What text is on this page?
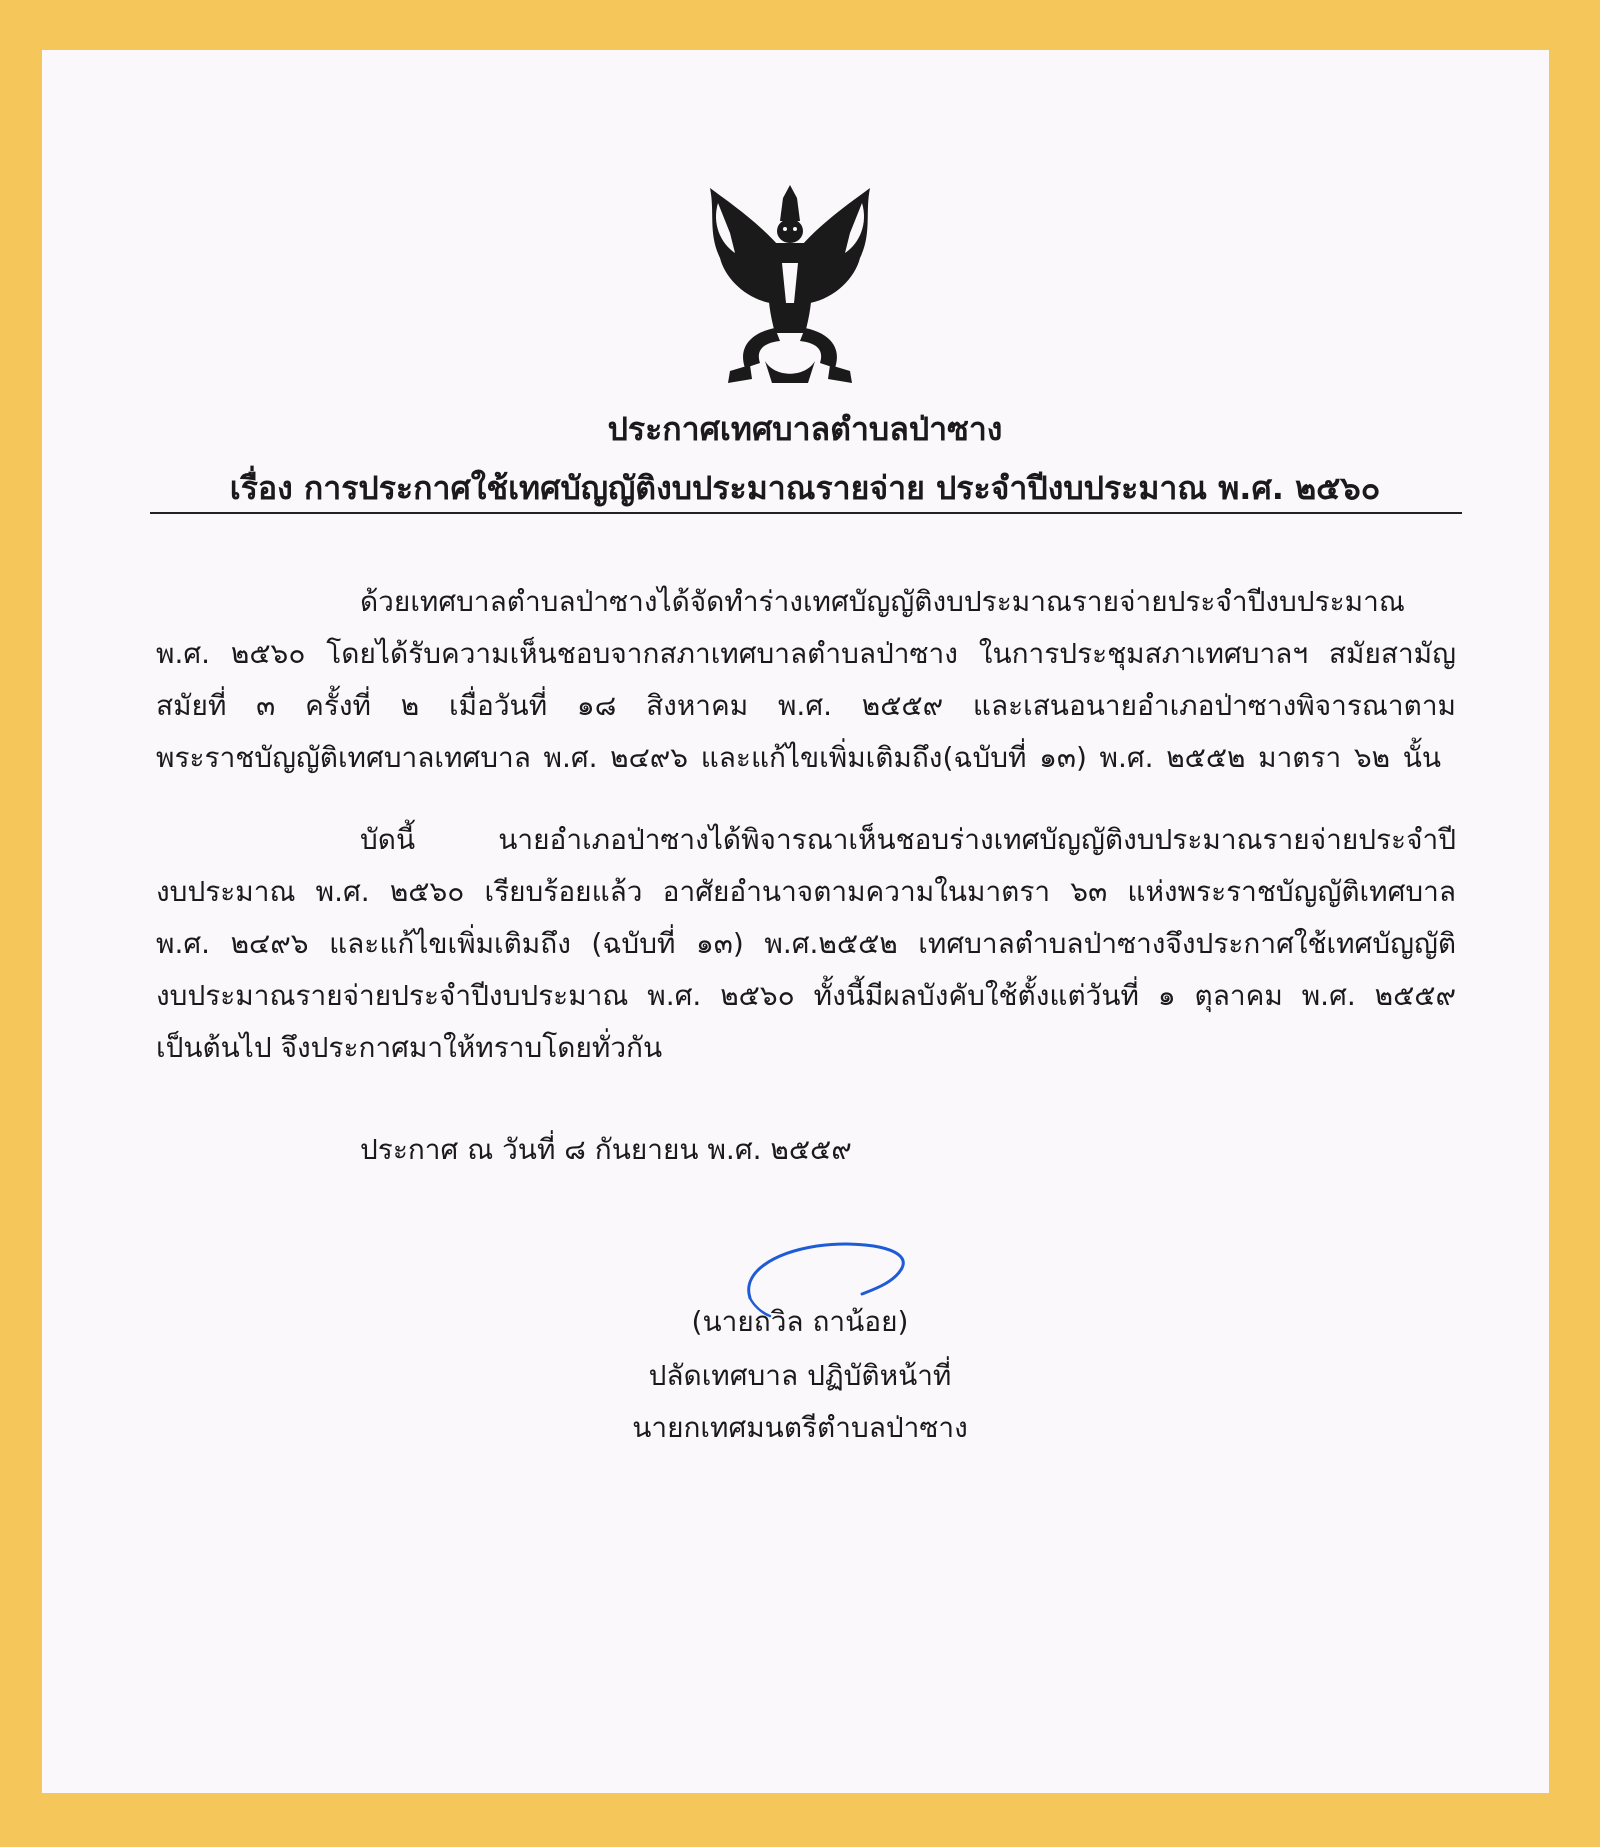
ประกาศเทศบาลตำบลป่าซาง
เรื่อง การประกาศใช้เทศบัญญัติงบประมาณรายจ่าย ประจำปีงบประมาณ พ.ศ. ๒๕๖๐
ด้วยเทศบาลตำบลป่าซางได้จัดทำร่างเทศบัญญัติงบประมาณรายจ่ายประจำปีงบประมาณ
พ.ศ. ๒๕๖๐ โดยได้รับความเห็นชอบจากสภาเทศบาลตำบลป่าซาง ในการประชุมสภาเทศบาลฯ สมัยสามัญ
สมัยที่ ๓ ครั้งที่ ๒ เมื่อวันที่ ๑๘ สิงหาคม พ.ศ. ๒๕๕๙ และเสนอนายอำเภอป่าซางพิจารณาตาม
พระราชบัญญัติเทศบาลเทศบาล พ.ศ. ๒๔๙๖ และแก้ไขเพิ่มเติมถึง(ฉบับที่ ๑๓) พ.ศ. ๒๕๕๒ มาตรา ๖๒ นั้น
บัดนี้ นายอำเภอป่าซางได้พิจารณาเห็นชอบร่างเทศบัญญัติงบประมาณรายจ่ายประจำปี
งบประมาณ พ.ศ. ๒๕๖๐ เรียบร้อยแล้ว อาศัยอำนาจตามความในมาตรา ๖๓ แห่งพระราชบัญญัติเทศบาล
พ.ศ. ๒๔๙๖ และแก้ไขเพิ่มเติมถึง (ฉบับที่ ๑๓) พ.ศ.๒๕๕๒ เทศบาลตำบลป่าซางจึงประกาศใช้เทศบัญญัติ
งบประมาณรายจ่ายประจำปีงบประมาณ พ.ศ. ๒๕๖๐ ทั้งนี้มีผลบังคับใช้ตั้งแต่วันที่ ๑ ตุลาคม พ.ศ. ๒๕๕๙
เป็นต้นไป จึงประกาศมาให้ทราบโดยทั่วกัน
ประกาศ ณ วันที่ ๘ กันยายน พ.ศ. ๒๕๕๙
(นายถวิล ถาน้อย)
ปลัดเทศบาล ปฏิบัติหน้าที่
นายกเทศมนตรีตำบลป่าซาง
